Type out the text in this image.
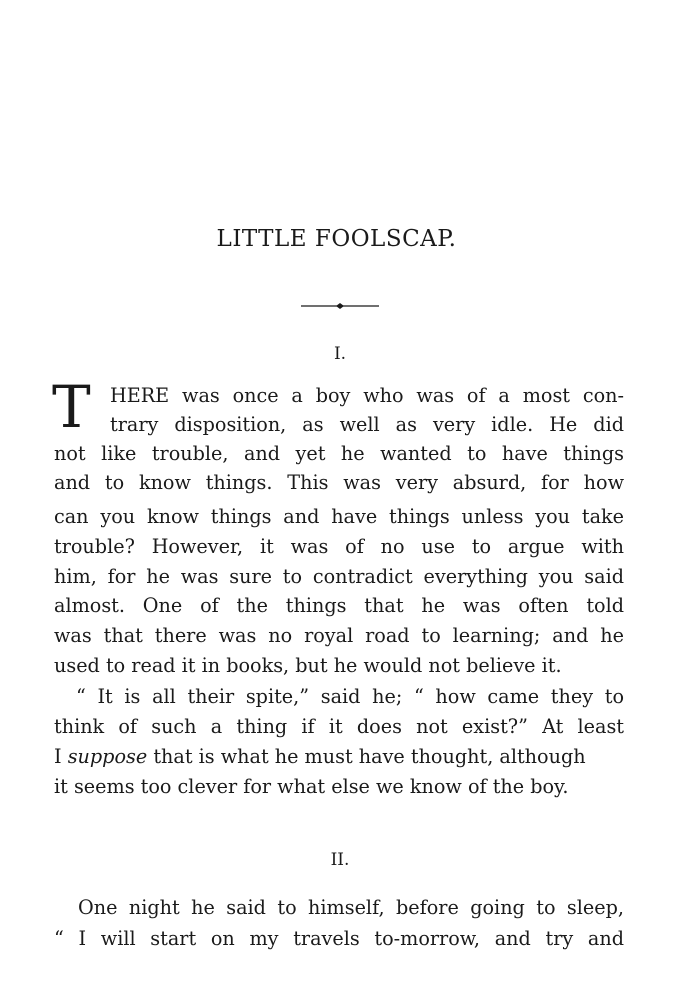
LITTLE FOOLSCAP.
I.
T HERE was once a boy who was of a most con-
trary disposition, as well as very idle. He did
not like trouble, and yet he wanted to have things
and to know things. This was very absurd, for how
can you know things and have things unless you take
trouble? However, it was of no use to argue with
him, for he was sure to contradict everything you said
almost. One of the things that he was often told
was that there was no royal road to learning; and he
used to read it in books, but he would not believe it.
“ It is all their spite,” said he; “ how came they to
think of such a thing if it does not exist?” At least
I suppose that is what he must have thought, although
it seems too clever for what else we know of the boy.
II.
One night he said to himself, before going to sleep,
“ I will start on my travels to-morrow, and try and
